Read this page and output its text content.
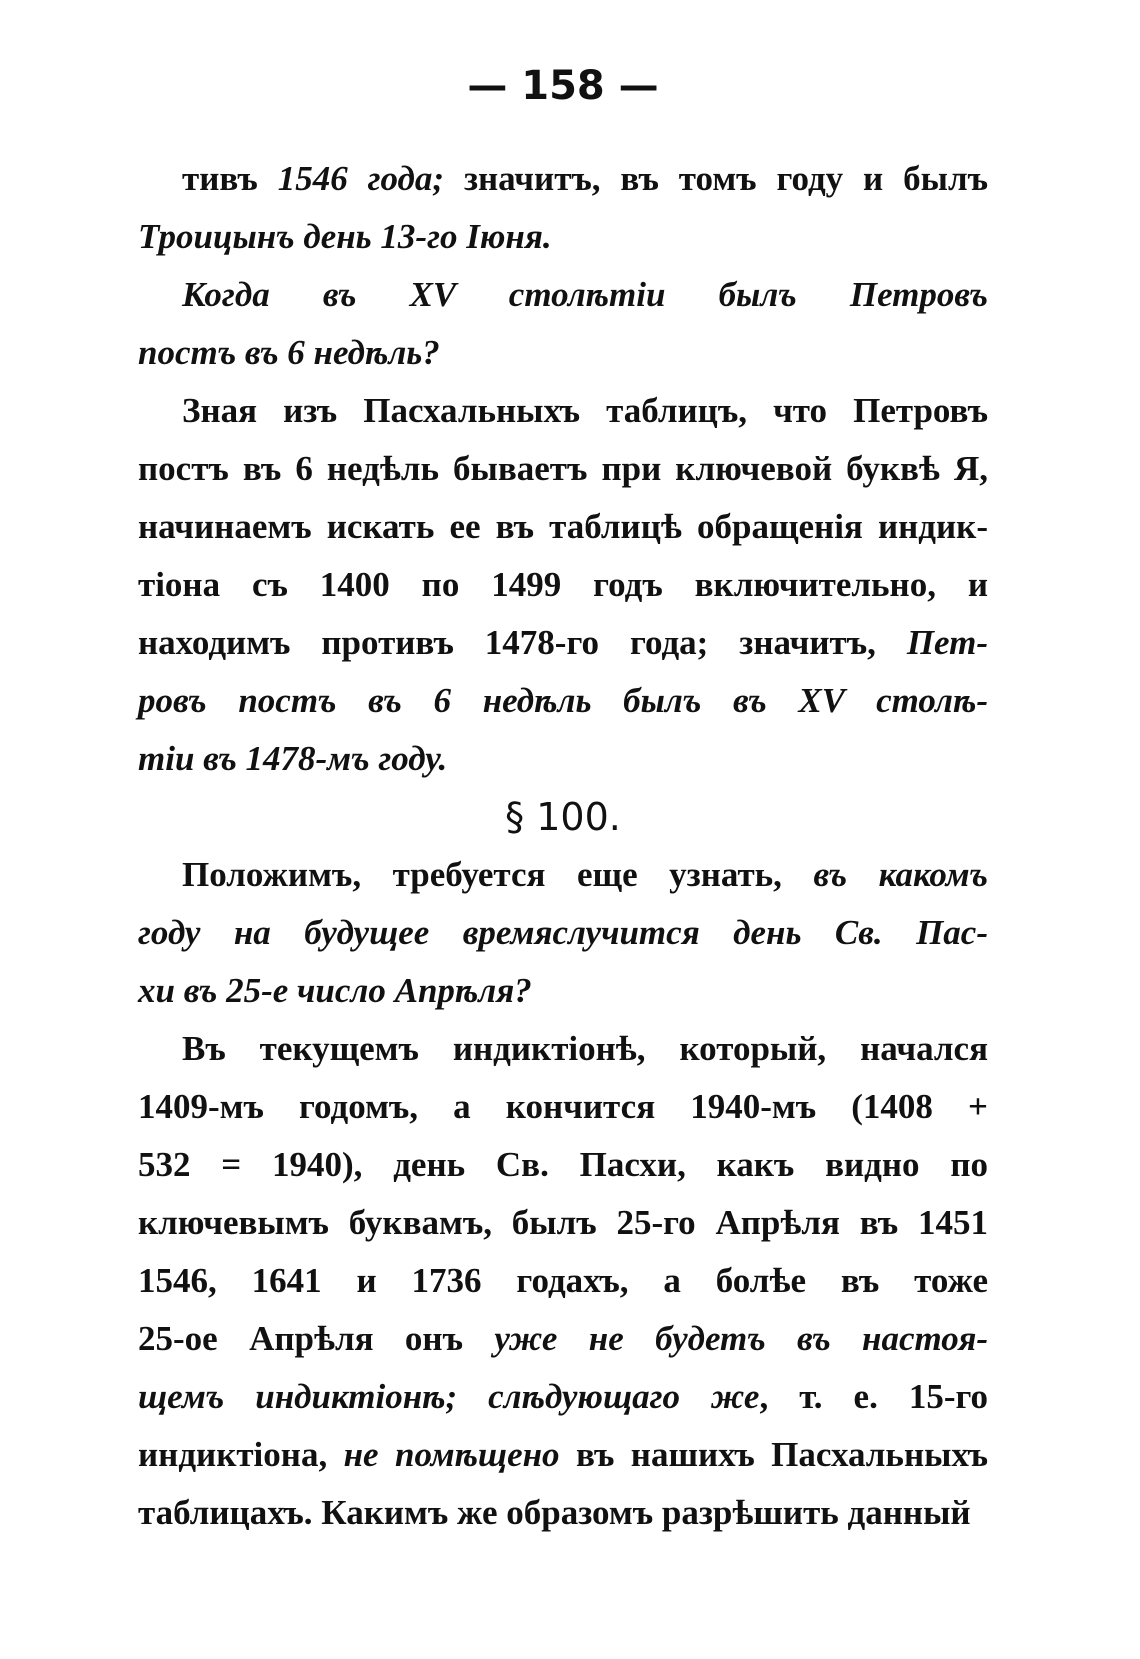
— 158 —
тивъ 1546 года; значитъ, въ томъ году и былъ
Троицынъ день 13-го Іюня.
Когда въ XV столѣтіи былъ Петровъ
постъ въ 6 недѣль?
Зная изъ Пасхальныхъ таблицъ, что Петровъ
постъ въ 6 недѣль бываетъ при ключевой буквѣ Я,
начинаемъ искать ее въ таблицѣ обращенія индик-
тіона съ 1400 по 1499 годъ включительно, и
находимъ противъ 1478-го года; значитъ, Пет-
ровъ постъ въ 6 недѣль былъ въ XV столѣ-
тіи въ 1478-мъ году.
§ 100.
Положимъ, требуется еще узнать, въ какомъ
году на будущее времяслучится день Св. Пас-
хи въ 25-е число Апрѣля?
Въ текущемъ индиктіонѣ, который, начался
1409-мъ годомъ, а кончится 1940-мъ (1408 +
532 = 1940), день Св. Пасхи, какъ видно по
ключевымъ буквамъ, былъ 25-го Апрѣля въ 1451
1546, 1641 и 1736 годахъ, а болѣе въ тоже
25-ое Апрѣля онъ уже не будетъ въ настоя-
щемъ индиктіонѣ; слѣдующаго же, т. е. 15-го
индиктіона, не помѣщено въ нашихъ Пасхальныхъ
таблицахъ. Какимъ же образомъ разрѣшить данный
